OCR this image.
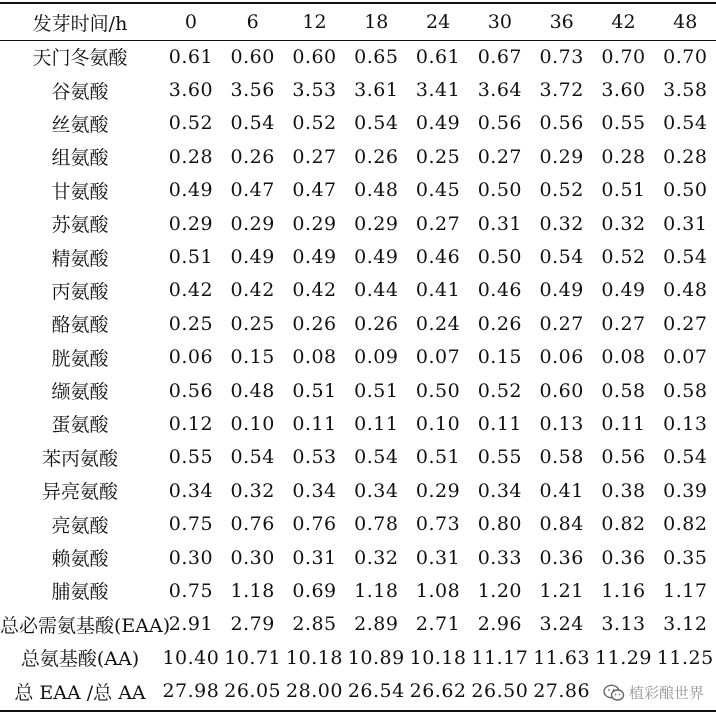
发芽时间/h	0	6	12	18	24	30	36	42	48
天门冬氨酸	0.61	0.60	0.60	0.65	0.61	0.67	0.73	0.70	0.70
谷氨酸	3.60	3.56	3.53	3.61	3.41	3.64	3.72	3.60	3.58
丝氨酸	0.52	0.54	0.52	0.54	0.49	0.56	0.56	0.55	0.54
组氨酸	0.28	0.26	0.27	0.26	0.25	0.27	0.29	0.28	0.28
甘氨酸	0.49	0.47	0.47	0.48	0.45	0.50	0.52	0.51	0.50
苏氨酸	0.29	0.29	0.29	0.29	0.27	0.31	0.32	0.32	0.31
精氨酸	0.51	0.49	0.49	0.49	0.46	0.50	0.54	0.52	0.54
丙氨酸	0.42	0.42	0.42	0.44	0.41	0.46	0.49	0.49	0.48
酪氨酸	0.25	0.25	0.26	0.26	0.24	0.26	0.27	0.27	0.27
胱氨酸	0.06	0.15	0.08	0.09	0.07	0.15	0.06	0.08	0.07
缬氨酸	0.56	0.48	0.51	0.51	0.50	0.52	0.60	0.58	0.58
蛋氨酸	0.12	0.10	0.11	0.11	0.10	0.11	0.13	0.11	0.13
苯丙氨酸	0.55	0.54	0.53	0.54	0.51	0.55	0.58	0.56	0.54
异亮氨酸	0.34	0.32	0.34	0.34	0.29	0.34	0.41	0.38	0.39
亮氨酸	0.75	0.76	0.76	0.78	0.73	0.80	0.84	0.82	0.82
赖氨酸	0.30	0.30	0.31	0.32	0.31	0.33	0.36	0.36	0.35
脯氨酸	0.75	1.18	0.69	1.18	1.08	1.20	1.21	1.16	1.17
总必需氨基酸(EAA)	2.91	2.79	2.85	2.89	2.71	2.96	3.24	3.13	3.12
总氨基酸(AA)	10.40	10.71	10.18	10.89	10.18	11.17	11.63	11.29	11.25
总 EAA /总 AA	27.98	26.05	28.00	26.54	26.62	26.50	27.86			植彩酿世界
